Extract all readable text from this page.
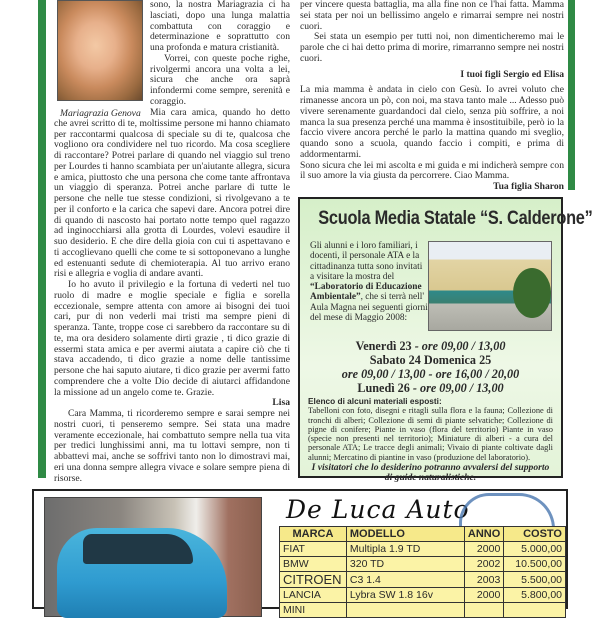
Mariagrazia Genova

sono, la nostra Mariagrazia ci ha lasciati, dopo una lunga malattia combattuta con coraggio e determinazione e soprattutto con una profonda e matura cristianità.

Vorrei, con queste poche righe, rivolgermi ancora una volta a lei, sicura che anche ora saprà infondermi come sempre, serenità e coraggio.

Mia cara amica, quando ho detto che avrei scritto di te, moltissime persone mi hanno chiamato per raccontarmi qualcosa di speciale su di te, qualcosa che vogliono ora condividere nel tuo ricordo. Ma cosa scegliere di raccontare? Potrei parlare di quando nel viaggio sul treno per Lourdes ti hanno scambiata per un'aiutante allegra, sicura e amica, piuttosto che una persona che come tante affrontava un viaggio di speranza. Potrei anche parlare di tutte le persone che nelle tue stesse condizioni, si rivolgevano a te per il conforto e la carica che sapevi dare. Ancora potrei dire di quando di nascosto hai portato notte tempo quel ragazzo ad inginocchiarsi alla grotta di Lourdes, volevi esaudire il suo desiderio. E che dire della gioia con cui ti aspettavano e ti accoglievano quelli che come te si sottoponevano a lunghe ed estenuanti sedute di chemioterapia. Al tuo arrivo erano risi e allegria e voglia di andare avanti.

Io ho avuto il privilegio e la fortuna di vederti nel tuo ruolo di madre e moglie speciale e figlia e sorella eccezionale, sempre attenta con amore ai bisogni dei tuoi cari, pur di non vederli mai tristi ma sempre pieni di speranza. Tante, troppe cose ci sarebbero da raccontare su di te, ma ora desidero solamente dirti grazie , ti dico grazie di essermi stata amica e per avermi aiutata a capire ciò che ti stava accadendo, ti dico grazie a nome delle tantissime persone che hai saputo aiutare, ti dico grazie per avermi fatto comprendere che a volte Dio decide di aiutarci affidandone la missione ad un angelo come te. Grazie.

Lisa

Cara Mamma, ti ricorderemo sempre e sarai sempre nei nostri cuori, ti penseremo sempre. Sei stata una madre veramente eccezionale, hai combattuto sempre nella tua vita per tredici lunghissimi anni, ma tu lottavi sempre, non ti abbattevi mai, anche se soffrivi tanto non lo dimostravi mai, eri una donna sempre allegra vivace e solare sempre piena di risorse.

per vincere questa battaglia, ma alla fine non ce l'hai fatta. Mamma sei stata per noi un bellissimo angelo e rimarrai sempre nei nostri cuori.

Sei stata un esempio per tutti noi, non dimenticheremo mai le parole che ci hai detto prima di morire, rimarranno sempre nei nostri cuori.

I tuoi figli Sergio ed Elisa

La mia mamma è andata in cielo con Gesù. Io avrei voluto che rimanesse ancora un pò, con noi, ma stava tanto male ... Adesso può vivere serenamente guardandoci dal cielo, senza più soffrire, a noi manca la sua presenza perché una mamma è insostituibile, però io la faccio vivere ancora perché le parlo la mattina quando mi sveglio, quando sono a scuola, quando faccio i compiti, e prima di addormentarmi.

Sono sicura che lei mi ascolta e mi guida e mi indicherà sempre con il suo amore la via giusta da percorrere. Ciao Mamma.

Tua figlia Sharon

Scuola Media Statale “S. Calderone”
Gli alunni e i loro familiari, i docenti, il personale ATA e la cittadinanza tutta sono invitati a visitare la mostra del “Laboratorio di Educazione Ambientale”, che si terrà nell' Aula Magna nei seguenti giorni del mese di Maggio 2008:
Venerdì 23 - ore 09,00 / 13,00
Sabato 24 Domenica 25
ore 09,00 / 13,00 - ore 16,00 / 20,00
Lunedì 26 - ore 09,00 / 13,00
Elenco di alcuni materiali esposti:
Tabelloni con foto, disegni e ritagli sulla flora e la fauna; Collezione di tronchi di alberi; Collezione di semi di piante selvatiche; Collezione di pigne di conifere; Piante in vaso (flora del territorio) Piante in vaso (specie non presenti nel territorio); Miniature di alberi - a cura del personale ATA; Le tracce degli animali; Vivaio di piante coltivate dagli alunni; Mercatino di piantine in vaso (produzione del laboratorio).
I visitatori che lo desiderino potranno avvalersi del supporto di guide naturalistiche.
De Luca Auto
MARCA	MODELLO	ANNO	COSTO
FIAT	Multipla 1.9 TD	2000	5.000,00
BMW	320 TD	2002	10.500,00
CITROEN	C3 1.4	2003	5.500,00
LANCIA	Lybra SW 1.8 16v	2000	5.800,00
MINI			
